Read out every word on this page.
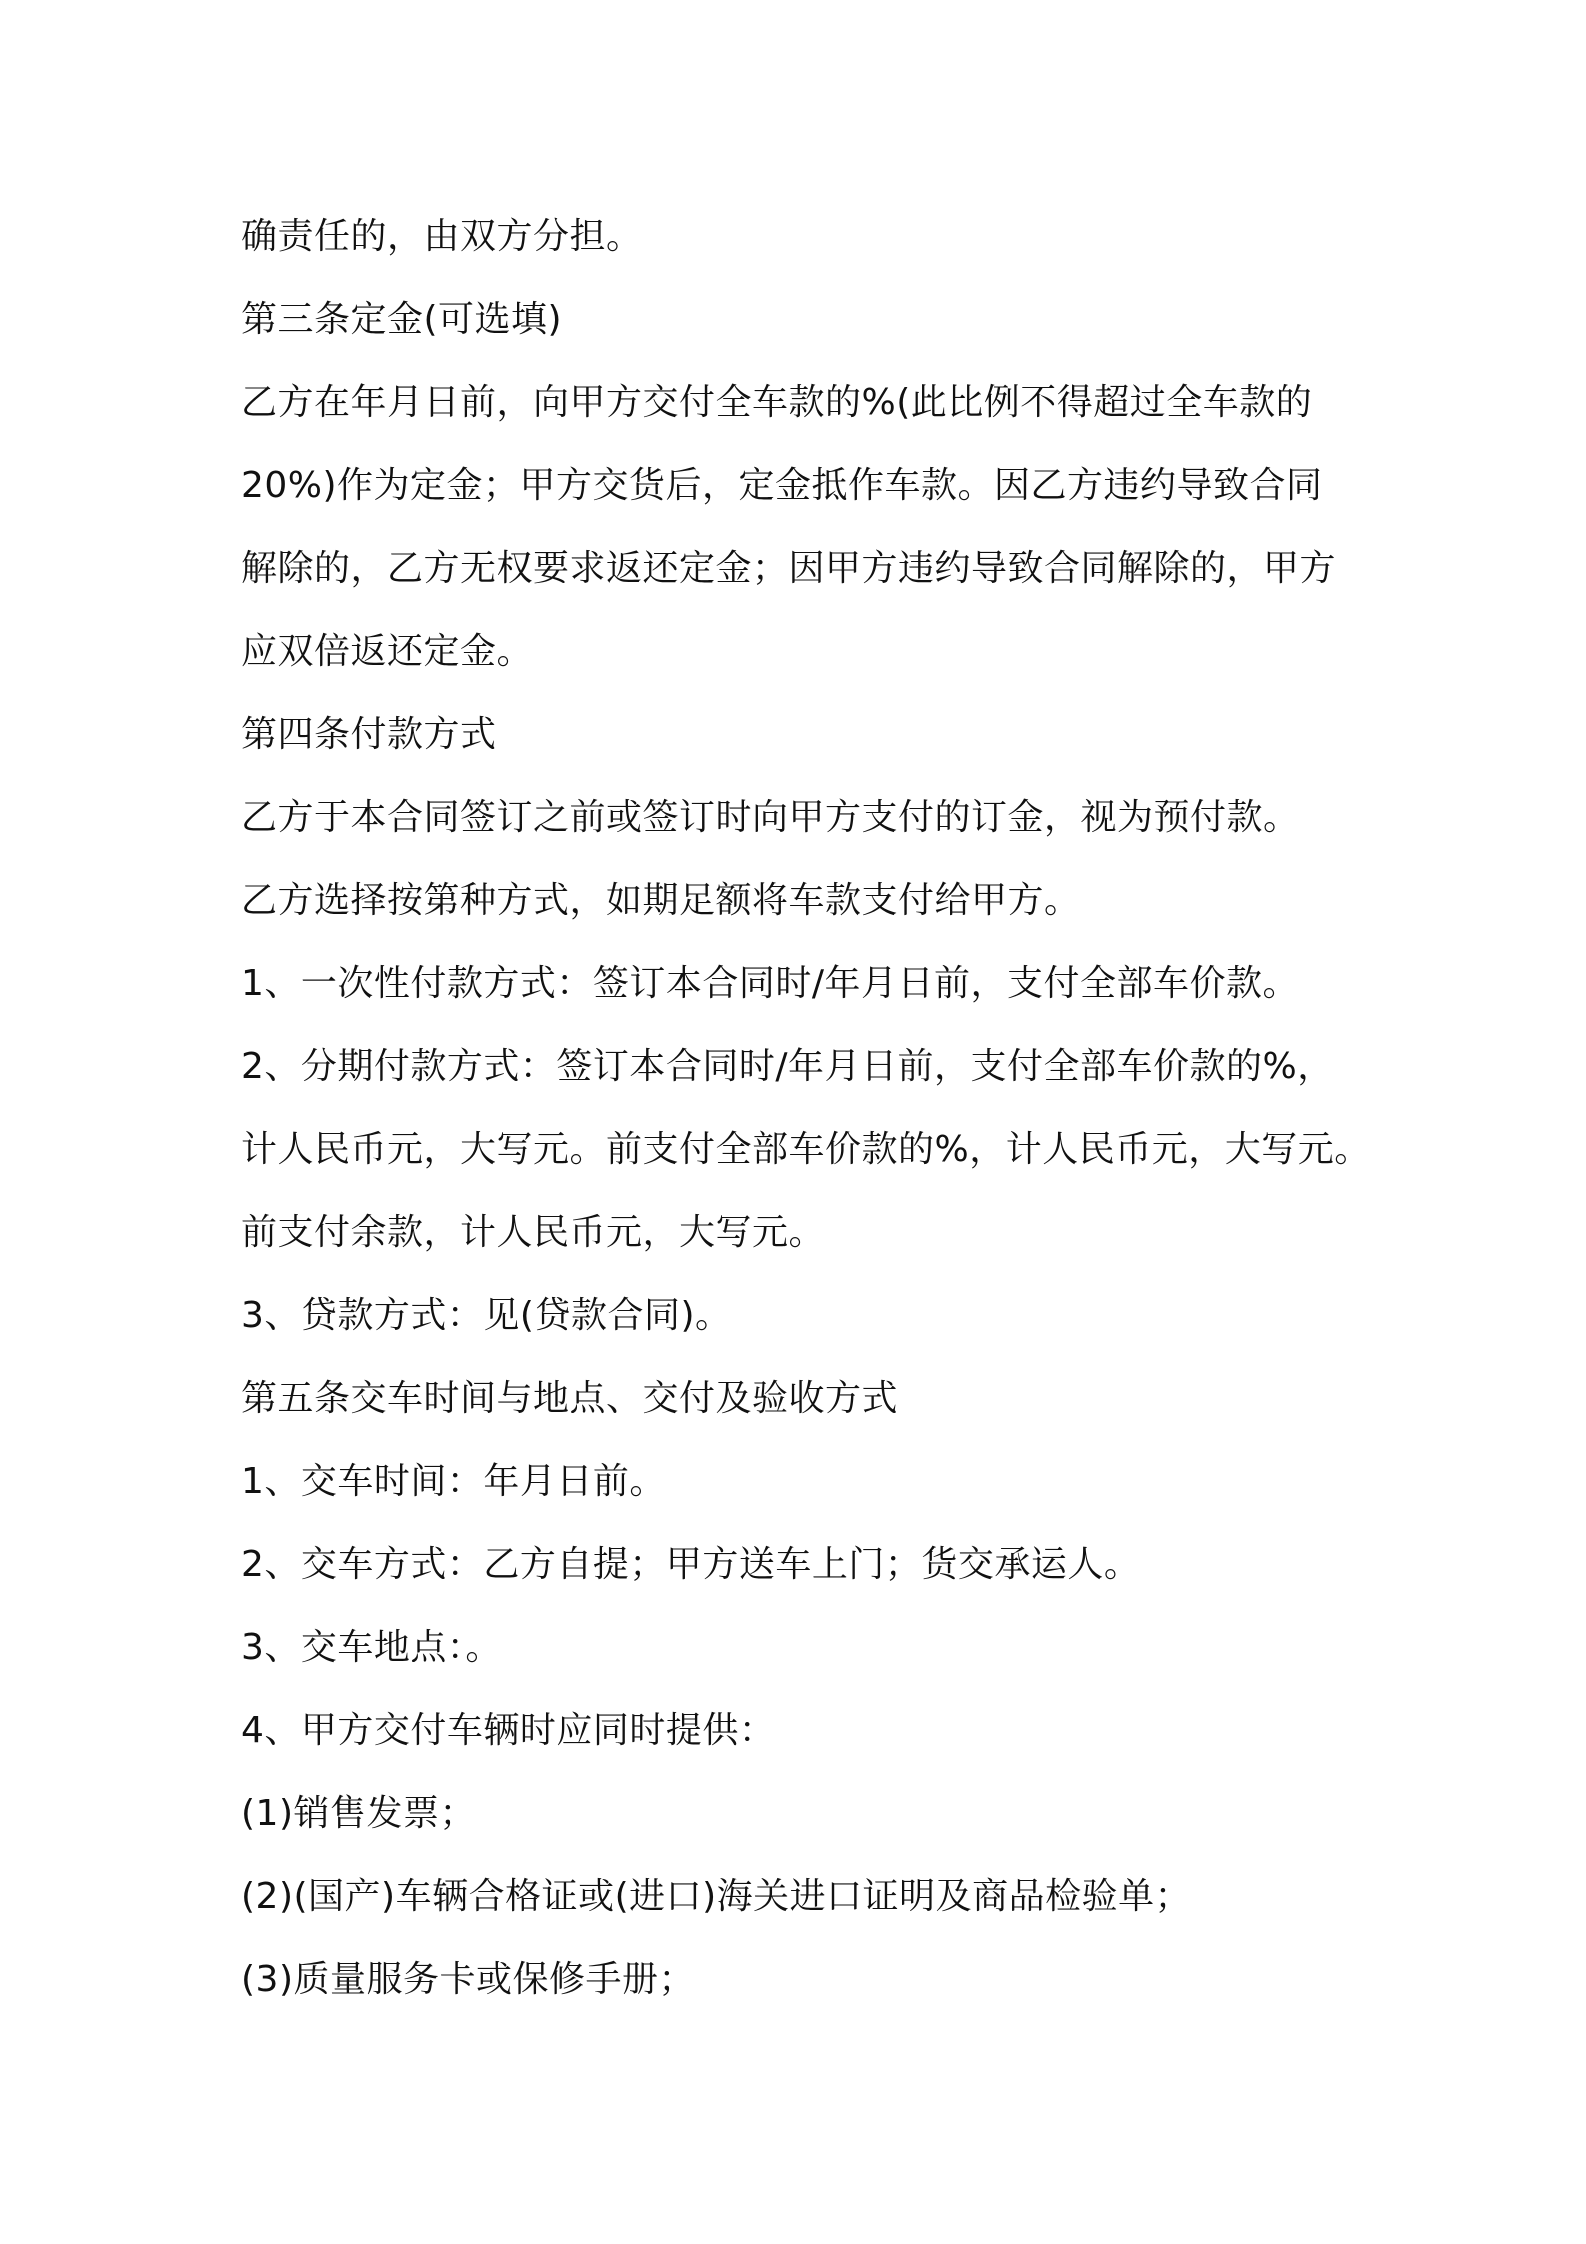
确责任的，由双方分担。

第三条定金(可选填)

乙方在年月日前，向甲方交付全车款的%(此比例不得超过全车款的

20%)作为定金；甲方交货后，定金抵作车款。因乙方违约导致合同

解除的，乙方无权要求返还定金；因甲方违约导致合同解除的，甲方

应双倍返还定金。

第四条付款方式

乙方于本合同签订之前或签订时向甲方支付的订金，视为预付款。

乙方选择按第种方式，如期足额将车款支付给甲方。

1、一次性付款方式：签订本合同时/年月日前，支付全部车价款。

2、分期付款方式：签订本合同时/年月日前，支付全部车价款的%，

计人民币元，大写元。前支付全部车价款的%，计人民币元，大写元。

前支付余款，计人民币元，大写元。

3、贷款方式：见(贷款合同)。

第五条交车时间与地点、交付及验收方式

1、交车时间：年月日前。

2、交车方式：乙方自提；甲方送车上门；货交承运人。

3、交车地点：。

4、甲方交付车辆时应同时提供：

(1)销售发票；

(2)(国产)车辆合格证或(进口)海关进口证明及商品检验单；

(3)质量服务卡或保修手册；
